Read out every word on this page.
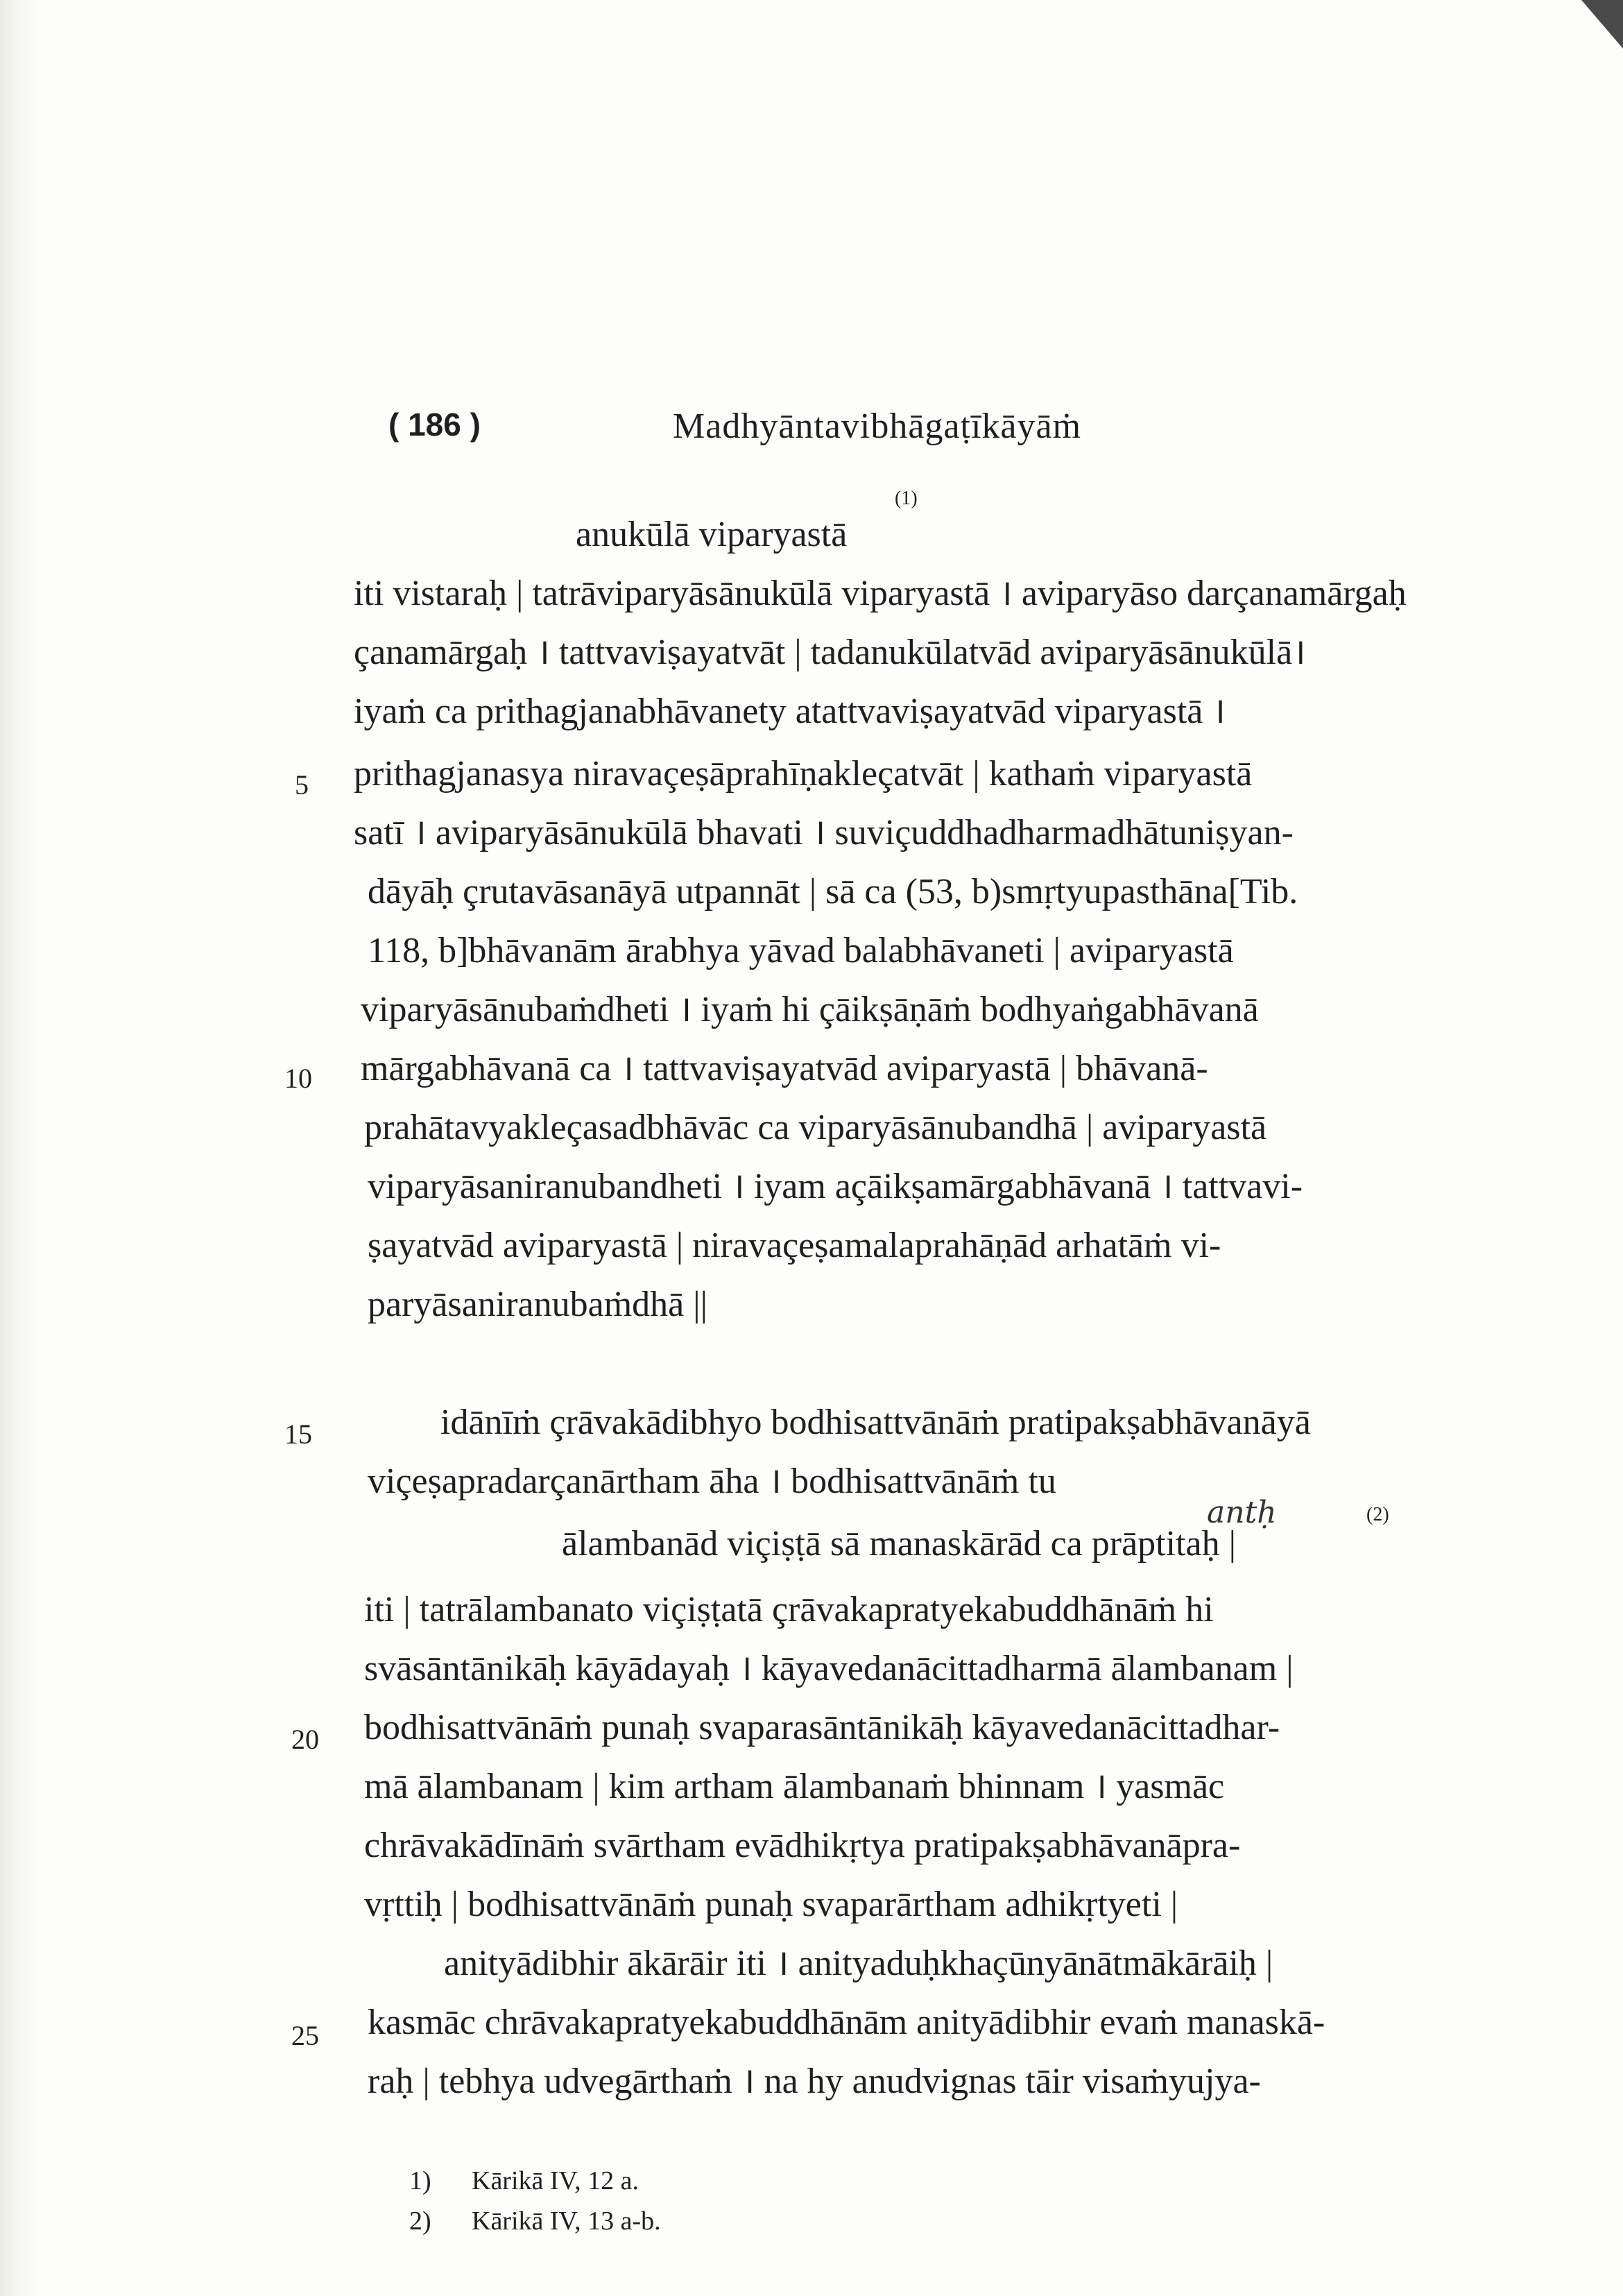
( 186 )	Madhyāntavibhāgaṭīkāyāṁ
(1)
anukūlā viparyastā
iti vistaraḥ | tatrāviparyāsānukūlā viparyastā । aviparyāso darçanamārgaḥ
çanamārgaḥ । tattvaviṣayatvāt | tadanukūlatvād aviparyāsānukūlā।
iyaṁ ca prithagjanabhāvanety atattvaviṣayatvād viparyastā ।
5 prithagjanasya niravaçeṣāprahīṇakleçatvāt | kathaṁ viparyastā
satī । aviparyāsānukūlā bhavati । suviçuddhadharmadhātuniṣyan-
dāyāḥ çrutavāsanāyā utpannāt | sā ca (53, b)smṛtyupasthāna[Tib.
118, b]bhāvanām ārabhya yāvad balabhāvaneti | aviparyastā
viparyāsānubaṁdheti । iyaṁ hi çāikṣāṇāṁ bodhyaṅgabhāvanā
10 mārgabhāvanā ca । tattvaviṣayatvād aviparyastā | bhāvanā-
prahātavyakleçasadbhāvāc ca viparyāsānubandhā | aviparyastā
viparyāsaniranubandheti । iyam açāikṣamārgabhāvanā । tattvavi-
ṣayatvād aviparyastā | niravaçeṣamalaprahāṇād arhatāṁ vi-
paryāsaniranubaṁdhā ||
15	idānīṁ çrāvakādibhyo bodhisattvānāṁ pratipakṣabhāvanāyā
viçeṣapradarçanārtham āha । bodhisattvānāṁ tu
antḥ	(2)
ālambanād viçiṣṭā sā manaskārād ca prāptitaḥ |
iti | tatrālambanato viçiṣṭatā çrāvakapratyekabuddhānāṁ hi
svāsāntānikāḥ kāyādayaḥ । kāyavedanācittadharmā ālambanam |
20 bodhisattvānāṁ punaḥ svaparasāntānikāḥ kāyavedanācittadhar-
mā ālambanam | kim artham ālambanaṁ bhinnam । yasmāc
chrāvakādīnāṁ svārtham evādhikṛtya pratipakṣabhāvanāpra-
vṛttiḥ | bodhisattvānāṁ punaḥ svaparārtham adhikṛtyeti |
anityādibhir ākārāir iti । anityaduḥkhaçūnyānātmākārāiḥ |
25 kasmāc chrāvakapratyekabuddhānām anityādibhir evaṁ manaskā-
raḥ | tebhya udvegārthaṁ । na hy anudvignas tāir visaṁyujya-
1) Kārikā IV, 12 a.
2) Kārikā IV, 13 a-b.
